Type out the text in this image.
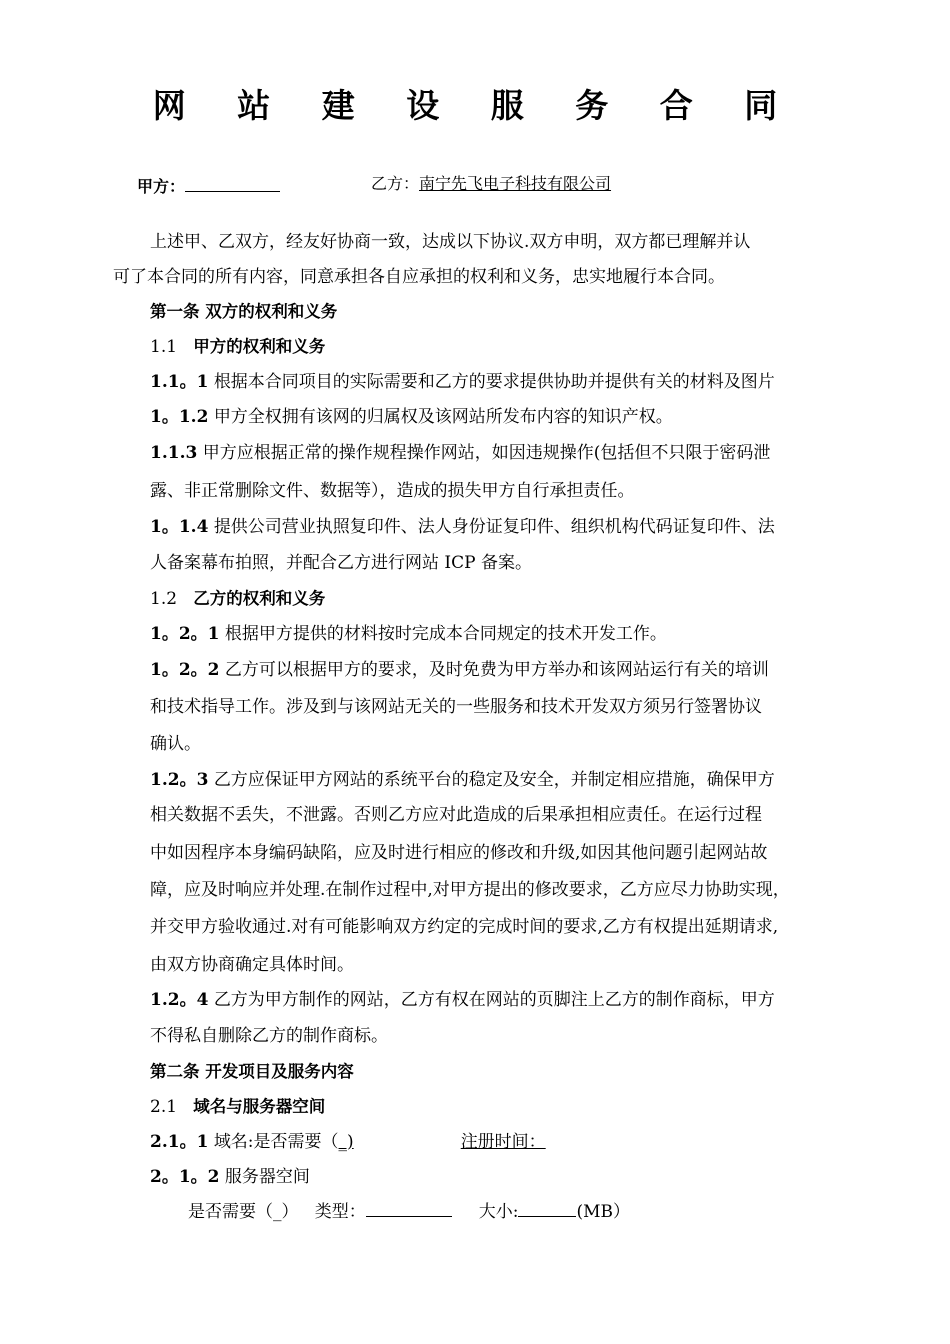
网 站 建 设 服 务 合 同
甲方：	乙方：南宁先飞电子科技有限公司
上述甲、乙双方，经友好协商一致，达成以下协议.双方申明，双方都已理解并认
可了本合同的所有内容，同意承担各自应承担的权利和义务，忠实地履行本合同。
第一条 双方的权利和义务
1.1 甲方的权利和义务
1.1。1 根据本合同项目的实际需要和乙方的要求提供协助并提供有关的材料及图片
1。1.2 甲方全权拥有该网的归属权及该网站所发布内容的知识产权。
1.1.3 甲方应根据正常的操作规程操作网站，如因违规操作(包括但不只限于密码泄
露、非正常删除文件、数据等），造成的损失甲方自行承担责任。
1。1.4 提供公司营业执照复印件、法人身份证复印件、组织机构代码证复印件、法
人备案幕布拍照，并配合乙方进行网站 ICP 备案。
1.2 乙方的权利和义务
1。2。1 根据甲方提供的材料按时完成本合同规定的技术开发工作。
1。2。2 乙方可以根据甲方的要求，及时免费为甲方举办和该网站运行有关的培训
和技术指导工作。涉及到与该网站无关的一些服务和技术开发双方须另行签署协议
确认。
1.2。3 乙方应保证甲方网站的系统平台的稳定及安全，并制定相应措施，确保甲方
相关数据不丢失，不泄露。否则乙方应对此造成的后果承担相应责任。在运行过程
中如因程序本身编码缺陷，应及时进行相应的修改和升级,如因其他问题引起网站故
障，应及时响应并处理.在制作过程中,对甲方提出的修改要求，乙方应尽力协助实现，
并交甲方验收通过.对有可能影响双方约定的完成时间的要求,乙方有权提出延期请求,
由双方协商确定具体时间。
1.2。4 乙方为甲方制作的网站，乙方有权在网站的页脚注上乙方的制作商标，甲方
不得私自删除乙方的制作商标。
第二条 开发项目及服务内容
2.1 域名与服务器空间
2.1。1 域名:是否需要（_)	注册时间：
2。1。2 服务器空间
是否需要（_） 类型：	大小:	(MB）
